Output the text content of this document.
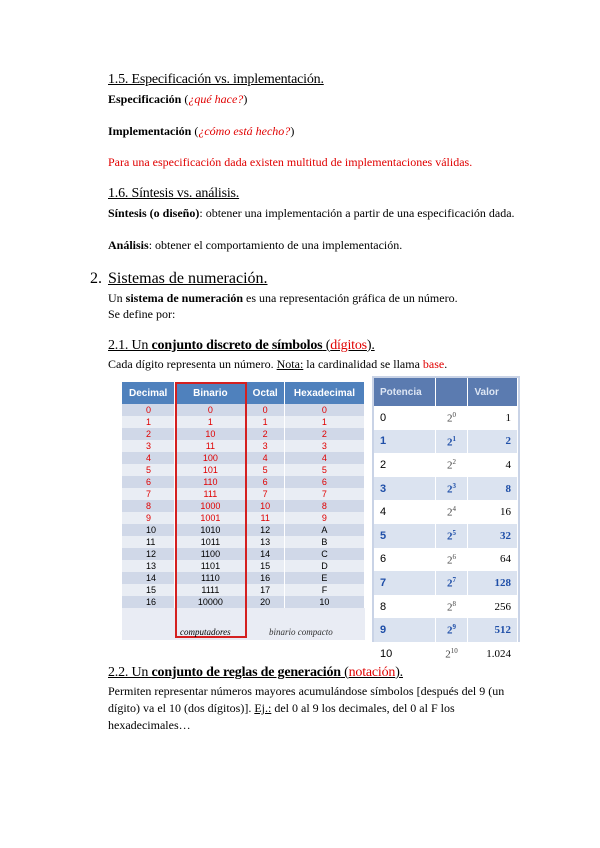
1.5. Especificación vs. implementación.
Especificación (¿qué hace?)
Implementación (¿cómo está hecho?)
Para una especificación dada existen multitud de implementaciones válidas.
1.6. Síntesis vs. análisis.
Síntesis (o diseño): obtener una implementación a partir de una especificación dada.
Análisis: obtener el comportamiento de una implementación.
2. Sistemas de numeración.
Un sistema de numeración es una representación gráfica de un número.
Se define por:
2.1. Un conjunto discreto de símbolos (dígitos).
Cada dígito representa un número. Nota: la cardinalidad se llama base.
Decimal	Binario	Octal	Hexadecimal
0	0	0	0
1	1	1	1
2	10	2	2
3	11	3	3
4	100	4	4
5	101	5	5
6	110	6	6
7	111	7	7
8	1000	10	8
9	1001	11	9
10	1010	12	A
11	1011	13	B
12	1100	14	C
13	1101	15	D
14	1110	16	E
15	1111	17	F
16	10000	20	10
computadores	binario compacto
Potencia		Valor
0	$2^0$	1
1	$2^1$	2
2	$2^2$	4
3	$2^3$	8
4	$2^4$	16
5	$2^5$	32
6	$2^6$	64
7	$2^7$	128
8	$2^8$	256
9	$2^9$	512
10	$2^{10}$	1.024
2.2. Un conjunto de reglas de generación (notación).
Permiten representar números mayores acumulándose símbolos [después del 9 (un
dígito) va el 10 (dos dígitos)]. Ej.: del 0 al 9 los decimales, del 0 al F los
hexadecimales…
